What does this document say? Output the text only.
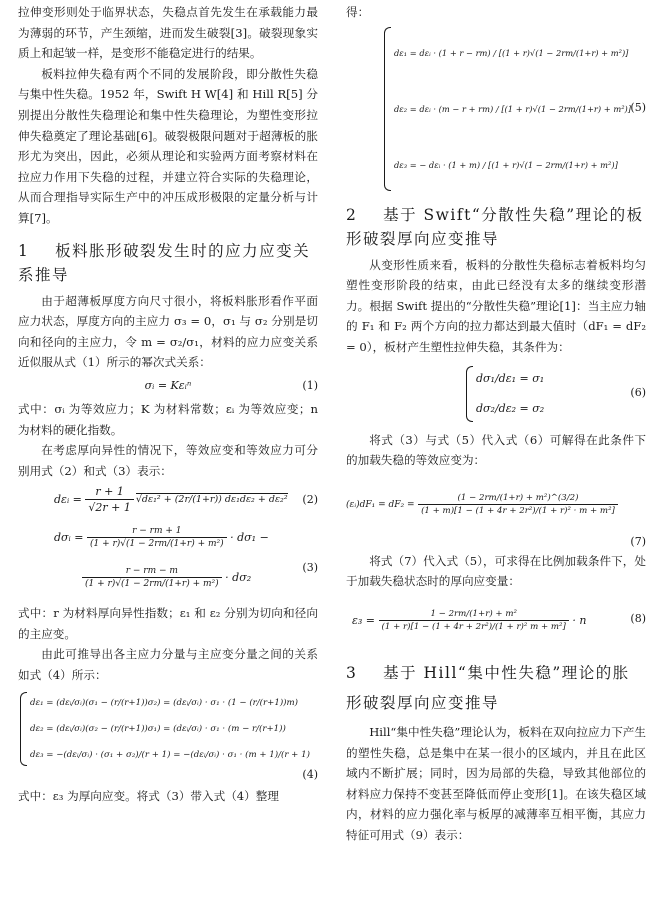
拉伸变形则处于临界状态，失稳点首先发生在承载能力最为薄弱的环节，产生颈缩，进而发生破裂[3]。破裂现象实质上和起皱一样，是变形不能稳定进行的结果。

板料拉伸失稳有两个不同的发展阶段，即分散性失稳与集中性失稳。1952 年，Swift H W[4] 和 Hill R[5] 分别提出分散性失稳理论和集中性失稳理论，为塑性变形拉伸失稳奠定了理论基础[6]。破裂极限问题对于超薄板的胀形尤为突出，因此，必须从理论和实验两方面考察材料在拉应力作用下失稳的过程，并建立符合实际的失稳理论，从而合理指导实际生产中的冲压成形极限的定量分析与计算[7]。

1 板料胀形破裂发生时的应力应变关系推导

由于超薄板厚度方向尺寸很小，将板料胀形看作平面应力状态，厚度方向的主应力 σ₃ = 0，σ₁ 与 σ₂ 分别是切向和径向的主应力，令 m = σ₂/σ₁，材料的应力应变关系近似服从式（1）所示的幂次式关系：

σᵢ = Kεᵢⁿ	(1)

式中：σᵢ 为等效应力；K 为材料常数；εᵢ 为等效应变；n 为材料的硬化指数。

在考虑厚向异性的情况下，等效应变和等效应力可分别用式（2）和式（3）表示：

dεᵢ =
$\frac{r + 1}{√2r + 1} √d\varepsilon_1^2 + (2r/(1+r)) d\varepsilon_1d\varepsilon_2 + d\varepsilon_2^2$ (2)
dσᵢ =
$\frac{r - rm + 1}{\text{(1 + r)√(1 − 2rm/(1+r) + m²)}}$
· dσ₁ −
$\frac{r - rm - m}{\text{(1 + r)√(1 − 2rm/(1+r) + m²)}}$
· dσ₂
(3)

式中：r 为材料厚向异性指数；ε₁ 和 ε₂ 分别为切向和径向的主应变。

由此可推导出各主应力分量与主应变分量之间的关系如式（4）所示：

dε₁ = (dεᵢ/σᵢ)(σ₁ − (r/(r+1))σ₂) = (dεᵢ/σᵢ) · σ₁ · (1 − (r/(r+1))m)
dε₂ = (dεᵢ/σᵢ)(σ₂ − (r/(r+1))σ₁) = (dεᵢ/σᵢ) · σ₁ · (m − r/(r+1))
dε₃ = −(dεᵢ/σᵢ) · (σ₁ + σ₂)/(r + 1) = −(dεᵢ/σᵢ) · σ₁ · (m + 1)/(r + 1)
(4)

式中：ε₃ 为厚向应变。将式（3）带入式（4）整理

得：

dε₁ = dεᵢ · (1 + r − rm) / [(1 + r)√(1 − 2rm/(1+r) + m²)]
dε₂ = dεᵢ · (m − r + rm) / [(1 + r)√(1 − 2rm/(1+r) + m²)]
dε₃ = − dεᵢ · (1 + m) / [(1 + r)√(1 − 2rm/(1+r) + m²)]
(5)
2 基于 Swift“分散性失稳”理论的板形破裂厚向应变推导

从变形性质来看，板料的分散性失稳标志着板料均匀塑性变形阶段的结束，由此已经没有太多的继续变形潜力。根据 Swift 提出的“分散性失稳”理论[1]：当主应力轴的 F₁ 和 F₂ 两个方向的拉力都达到最大值时（dF₁ = dF₂ = 0），板材产生塑性拉伸失稳，其条件为：

dσ₁/dε₁ = σ₁
dσ₂/dε₂ = σ₂
(6)

将式（3）与式（5）代入式（6）可解得在此条件下的加载失稳的等效应变为：

(εᵢ)dF₁ = dF₂ =
$\frac{\text{(1 − 2rm/(1+r) + m²)\textasciicircum{}(3/2)}}{\text{(1 + m)[1 − (1 + 4r + 2r²)/(1 + r)² · m + m²]}}$
(7)

将式（7）代入式（5），可求得在比例加载条件下，处于加载失稳状态时的厚向应变量：

ε₃ =
$\frac{\text{1 − 2rm/(1+r) + m²}}{\text{(1 + r)[1 − (1 + 4r + 2r²)/(1 + r)² m + m²]}}$
· n	(8)
3 基于 Hill“集中性失稳”理论的胀形破裂厚向应变推导

Hill“集中性失稳”理论认为，板料在双向拉应力下产生的塑性失稳，总是集中在某一很小的区域内，并且在此区域内不断扩展；同时，因为局部的失稳，导致其他部位的材料应力保持不变甚至降低而停止变形[1]。在该失稳区域内，材料的应力强化率与板厚的减薄率互相平衡，其应力特征可用式（9）表示：
